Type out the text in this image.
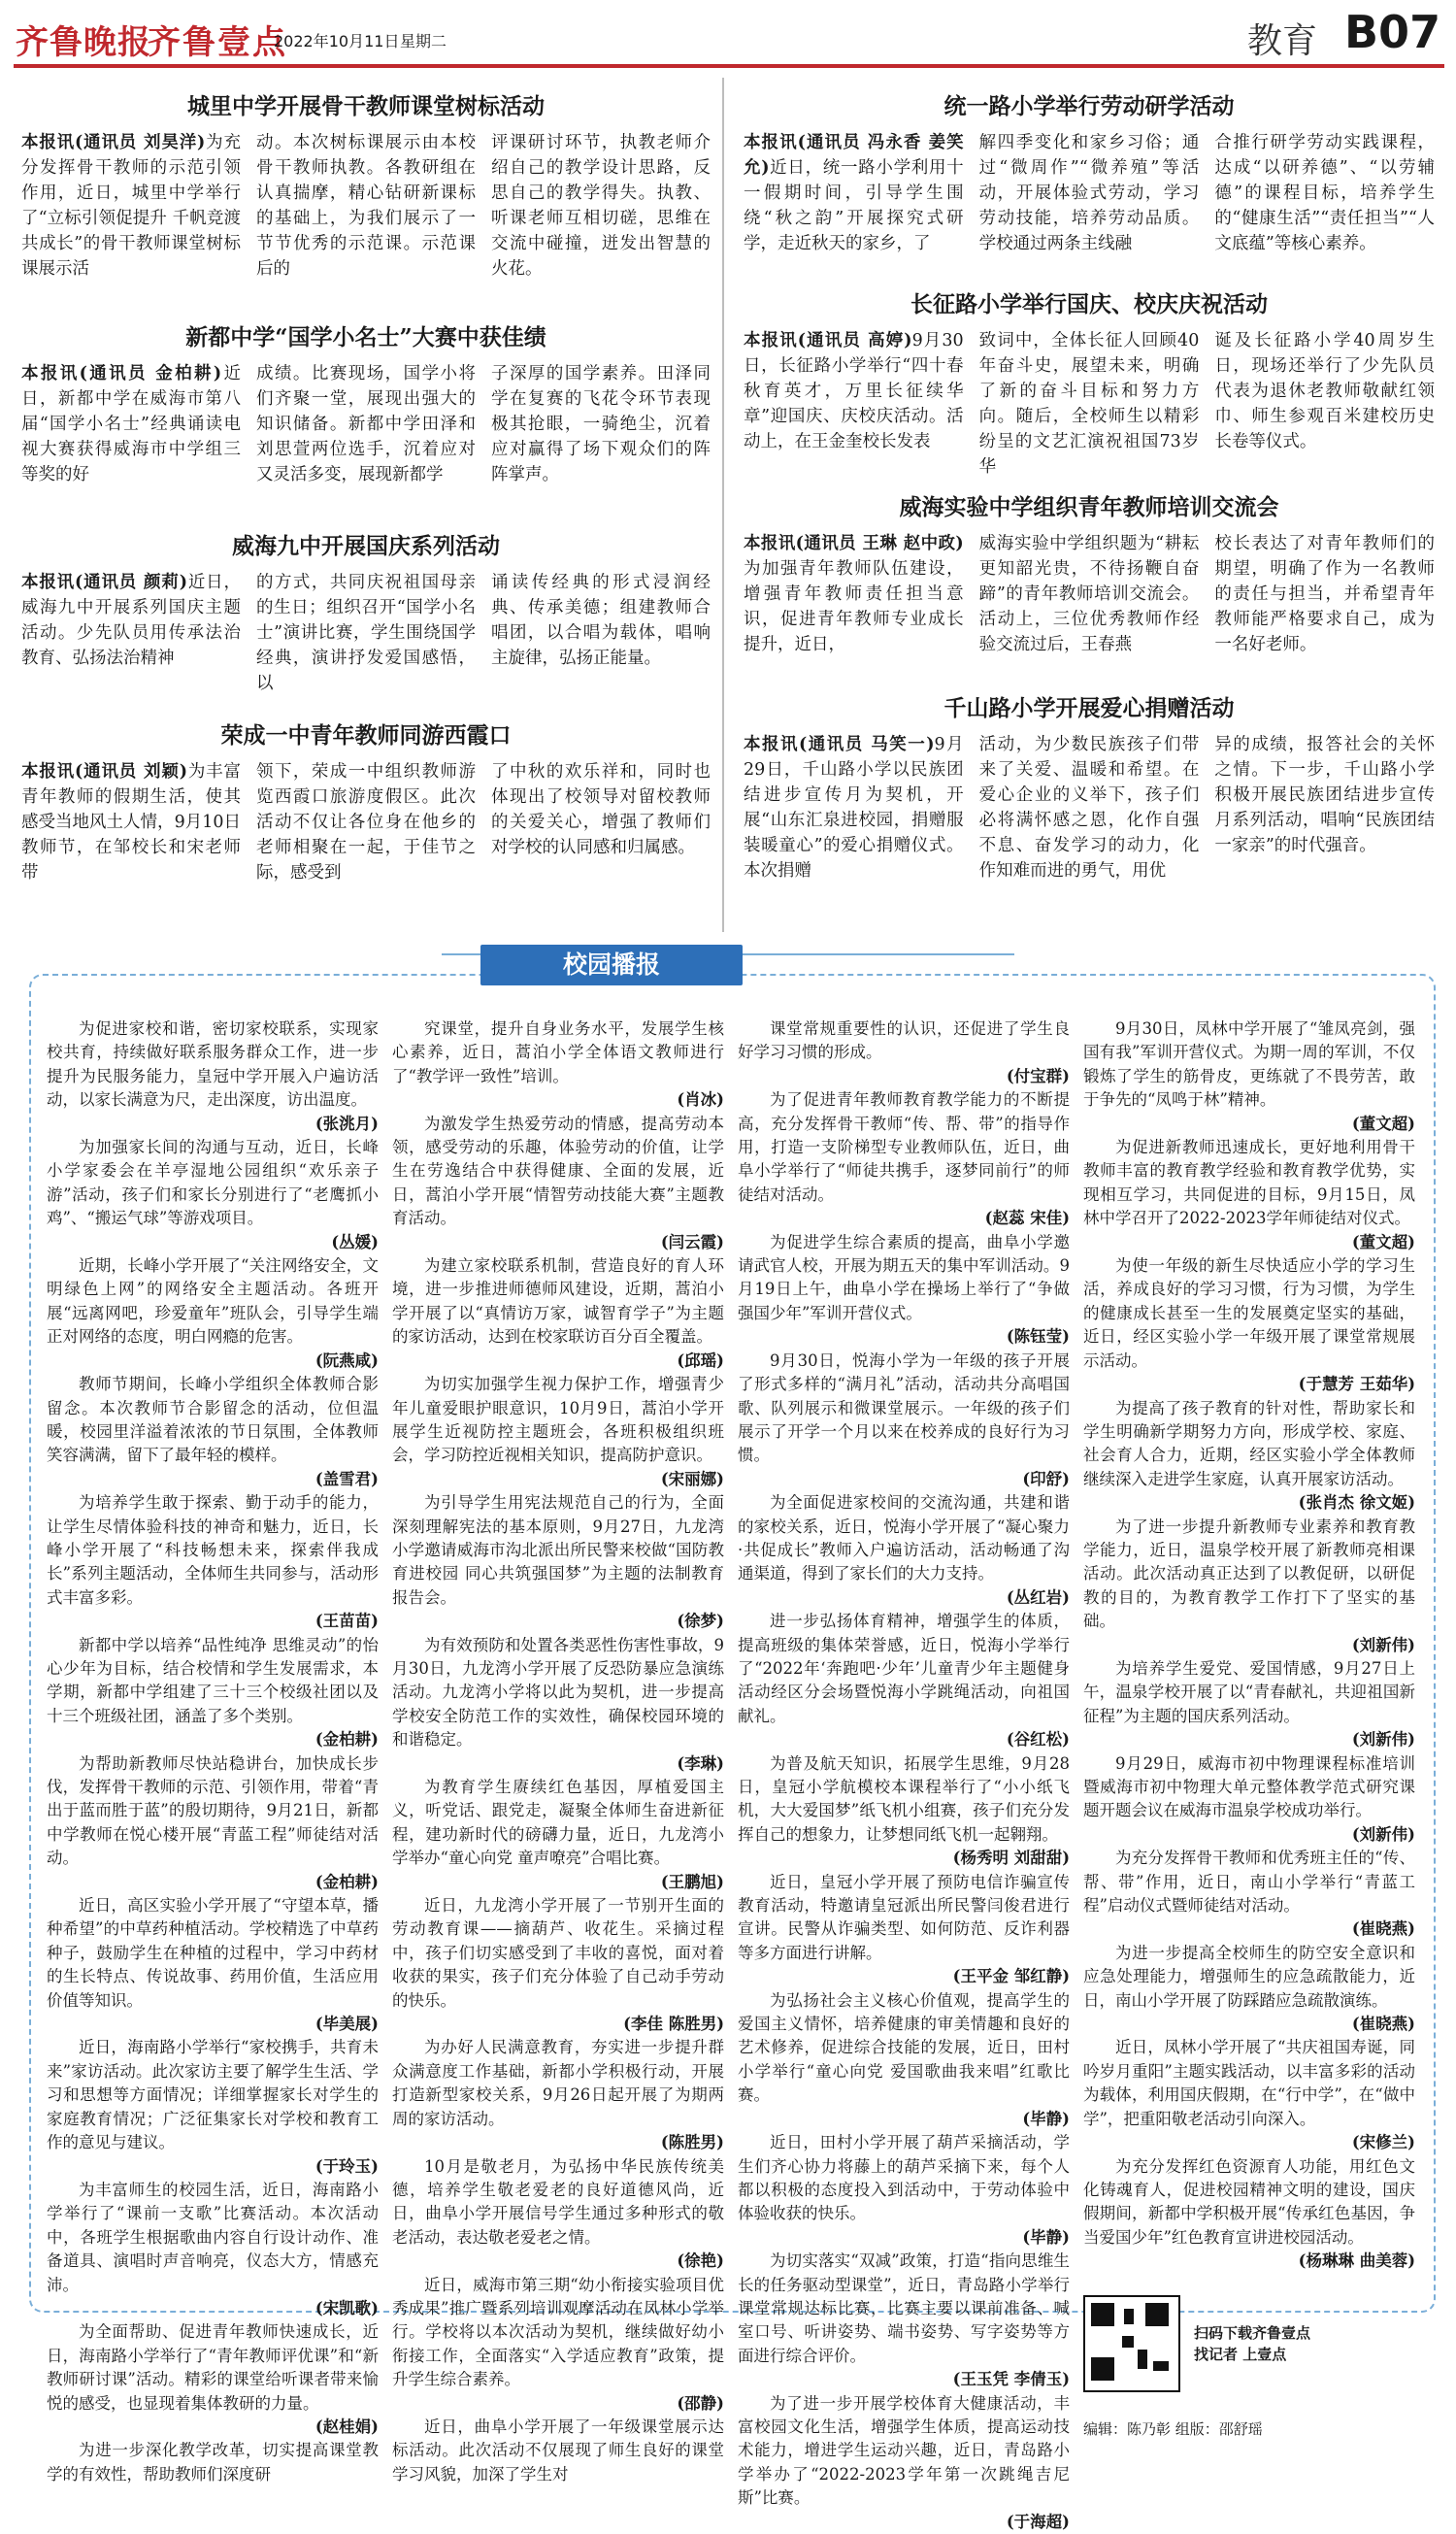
齐鲁晚报
齐鲁壹点
2022年10月11日 星期二	教育 B07
城里中学开展骨干教师课堂树标活动
本报讯(通讯员 刘昊洋)为充分发挥骨干教师的示范引领作用，近日，城里中学举行了“立标引领促提升 千帆竞渡共成长”的骨干教师课堂树标课展示活
动。本次树标课展示由本校骨干教师执教。各教研组在认真揣摩，精心钻研新课标的基础上，为我们展示了一节节优秀的示范课。示范课后的
评课研讨环节，执教老师介绍自己的教学设计思路，反思自己的教学得失。执教、听课老师互相切磋，思维在交流中碰撞，迸发出智慧的火花。
新都中学“国学小名士”大赛中获佳绩
本报讯(通讯员 金柏耕)近日，新都中学在威海市第八届“国学小名士”经典诵读电视大赛获得威海市中学组三等奖的好
成绩。比赛现场，国学小将们齐聚一堂，展现出强大的知识储备。新都中学田泽和刘思萱两位选手，沉着应对又灵活多变，展现新都学
子深厚的国学素养。田泽同学在复赛的飞花令环节表现极其抢眼，一骑绝尘，沉着应对赢得了场下观众们的阵阵掌声。
威海九中开展国庆系列活动
本报讯(通讯员 颜莉)近日，威海九中开展系列国庆主题活动。少先队员用传承法治教育、弘扬法治精神
的方式，共同庆祝祖国母亲的生日；组织召开“国学小名士”演讲比赛，学生围绕国学经典，演讲抒发爱国感悟，以
诵读传经典的形式浸润经典、传承美德；组建教师合唱团，以合唱为载体，唱响主旋律，弘扬正能量。
荣成一中青年教师同游西霞口
本报讯(通讯员 刘颖)为丰富青年教师的假期生活，使其感受当地风土人情，9月10日教师节，在邹校长和宋老师带
领下，荣成一中组织教师游览西霞口旅游度假区。此次活动不仅让各位身在他乡的老师相聚在一起，于佳节之际，感受到
了中秋的欢乐祥和，同时也体现出了校领导对留校教师的关爱关心，增强了教师们对学校的认同感和归属感。
统一路小学举行劳动研学活动
本报讯(通讯员 冯永香 姜笑允)近日，统一路小学利用十一假期时间，引导学生围绕“秋之韵”开展探究式研学，走近秋天的家乡，了
解四季变化和家乡习俗；通过“微周作”“微养殖”等活动，开展体验式劳动，学习劳动技能，培养劳动品质。学校通过两条主线融
合推行研学劳动实践课程，达成“以研养德”、“以劳辅德”的课程目标，培养学生的“健康生活”“责任担当”“人文底蕴”等核心素养。
长征路小学举行国庆、校庆庆祝活动
本报讯(通讯员 高婷)9月30日，长征路小学举行“四十春秋育英才，万里长征续华章”迎国庆、庆校庆活动。活动上，在王金奎校长发表
致词中，全体长征人回顾40年奋斗史，展望未来，明确了新的奋斗目标和努力方向。随后，全校师生以精彩纷呈的文艺汇演祝祖国73岁华
诞及长征路小学40周岁生日，现场还举行了少先队员代表为退休老教师敬献红领巾、师生参观百米建校历史长卷等仪式。
威海实验中学组织青年教师培训交流会
本报讯(通讯员 王琳 赵中政)为加强青年教师队伍建设，增强青年教师责任担当意识，促进青年教师专业成长提升，近日，
威海实验中学组织题为“耕耘更知韶光贵，不待扬鞭自奋蹄”的青年教师培训交流会。活动上，三位优秀教师作经验交流过后，王春燕
校长表达了对青年教师们的期望，明确了作为一名教师的责任与担当，并希望青年教师能严格要求自己，成为一名好老师。
千山路小学开展爱心捐赠活动
本报讯(通讯员 马笑一)9月29日，千山路小学以民族团结进步宣传月为契机，开展“山东汇泉进校园，捐赠服装暖童心”的爱心捐赠仪式。本次捐赠
活动，为少数民族孩子们带来了关爱、温暖和希望。在爱心企业的义举下，孩子们必将满怀感之恩，化作自强不息、奋发学习的动力，化作知难而进的勇气，用优
异的成绩，报答社会的关怀之情。下一步，千山路小学积极开展民族团结进步宣传月系列活动，唱响“民族团结一家亲”的时代强音。
校园播报

为促进家校和谐，密切家校联系，实现家校共育，持续做好联系服务群众工作，进一步提升为民服务能力，皇冠中学开展入户遍访活动，以家长满意为尺，走出深度，访出温度。

(张洮月)

为加强家长间的沟通与互动，近日，长峰小学家委会在羊亭湿地公园组织“欢乐亲子游”活动，孩子们和家长分别进行了“老鹰抓小鸡”、“搬运气球”等游戏项目。

(丛媛)

近期，长峰小学开展了“关注网络安全，文明绿色上网”的网络安全主题活动。各班开展“远离网吧，珍爱童年”班队会，引导学生端正对网络的态度，明白网瘾的危害。

(阮燕咸)

教师节期间，长峰小学组织全体教师合影留念。本次教师节合影留念的活动，位但温暖，校园里洋溢着浓浓的节日氛围，全体教师笑容满满，留下了最年轻的模样。

(盖雪君)

为培养学生敢于探索、勤于动手的能力，让学生尽情体验科技的神奇和魅力，近日，长峰小学开展了“科技畅想未来，探索伴我成长”系列主题活动，全体师生共同参与，活动形式丰富多彩。

(王苗苗)

新都中学以培养“品性纯净 思维灵动”的怡心少年为目标，结合校情和学生发展需求，本学期，新都中学组建了三十三个校级社团以及十三个班级社团，涵盖了多个类别。

(金柏耕)

为帮助新教师尽快站稳讲台，加快成长步伐，发挥骨干教师的示范、引领作用，带着“青出于蓝而胜于蓝”的殷切期待，9月21日，新都中学教师在悦心楼开展“青蓝工程”师徒结对活动。

(金柏耕)

近日，高区实验小学开展了“守望本草，播种希望”的中草药种植活动。学校精选了中草药种子，鼓励学生在种植的过程中，学习中药材的生长特点、传说故事、药用价值，生活应用价值等知识。

(毕美展)

近日，海南路小学举行“家校携手，共育未来”家访活动。此次家访主要了解学生生活、学习和思想等方面情况；详细掌握家长对学生的家庭教育情况；广泛征集家长对学校和教育工作的意见与建议。

(于玲玉)

为丰富师生的校园生活，近日，海南路小学举行了“课前一支歌”比赛活动。本次活动中，各班学生根据歌曲内容自行设计动作、准备道具、演唱时声音响亮，仪态大方，情感充沛。

(宋凯歌)

为全面帮助、促进青年教师快速成长，近日，海南路小学举行了“青年教师评优课”和“新教师研讨课”活动。精彩的课堂给听课者带来愉悦的感受，也显现着集体教研的力量。

(赵桂娟)

为进一步深化教学改革，切实提高课堂教学的有效性，帮助教师们深度研

究课堂，提升自身业务水平，发展学生核心素养，近日，蒿泊小学全体语文教师进行了“教学评一致性”培训。

(肖冰)

为激发学生热爱劳动的情感，提高劳动本领，感受劳动的乐趣，体验劳动的价值，让学生在劳逸结合中获得健康、全面的发展，近日，蒿泊小学开展“情智劳动技能大赛”主题教育活动。

(闫云霞)

为建立家校联系机制，营造良好的育人环境，进一步推进师德师风建设，近期，蒿泊小学开展了以“真情访万家，诚智育学子”为主题的家访活动，达到在校家联访百分百全覆盖。

(邱瑶)

为切实加强学生视力保护工作，增强青少年儿童爱眼护眼意识，10月9日，蒿泊小学开展学生近视防控主题班会，各班积极组织班会，学习防控近视相关知识，提高防护意识。

(宋丽娜)

为引导学生用宪法规范自己的行为，全面深刻理解宪法的基本原则，9月27日，九龙湾小学邀请威海市沟北派出所民警来校做“国防教育进校园 同心共筑强国梦”为主题的法制教育报告会。

(徐梦)

为有效预防和处置各类恶性伤害性事故，9月30日，九龙湾小学开展了反恐防暴应急演练活动。九龙湾小学将以此为契机，进一步提高学校安全防范工作的实效性，确保校园环境的和谐稳定。

(李琳)

为教育学生赓续红色基因，厚植爱国主义，听党话、跟党走，凝聚全体师生奋进新征程，建功新时代的磅礴力量，近日，九龙湾小学举办“童心向党 童声嘹亮”合唱比赛。

(王鹏旭)

近日，九龙湾小学开展了一节别开生面的劳动教育课——摘葫芦、收花生。采摘过程中，孩子们切实感受到了丰收的喜悦，面对着收获的果实，孩子们充分体验了自己动手劳动的快乐。

(李佳 陈胜男)

为办好人民满意教育，夯实进一步提升群众满意度工作基础，新都小学积极行动，开展打造新型家校关系，9月26日起开展了为期两周的家访活动。

(陈胜男)

10月是敬老月，为弘扬中华民族传统美德，培养学生敬老爱老的良好道德风尚，近日，曲阜小学开展信号学生通过多种形式的敬老活动，表达敬老爱老之情。

(徐艳)

近日，威海市第三期“幼小衔接实验项目优秀成果”推广暨系列培训观摩活动在凤林小学举行。学校将以本次活动为契机，继续做好幼小衔接工作，全面落实“入学适应教育”政策，提升学生综合素养。

(邵静)

近日，曲阜小学开展了一年级课堂展示达标活动。此次活动不仅展现了师生良好的课堂学习风貌，加深了学生对

课堂常规重要性的认识，还促进了学生良好学习习惯的形成。

(付宝群)

为了促进青年教师教育教学能力的不断提高，充分发挥骨干教师“传、帮、带”的指导作用，打造一支阶梯型专业教师队伍，近日，曲阜小学举行了“师徒共携手，逐梦同前行”的师徒结对活动。

(赵蕊 宋佳)

为促进学生综合素质的提高，曲阜小学邀请武官人校，开展为期五天的集中军训活动。9月19日上午，曲阜小学在操场上举行了“争做强国少年”军训开营仪式。

(陈钰莹)

9月30日，悦海小学为一年级的孩子开展了形式多样的“满月礼”活动，活动共分高唱国歌、队列展示和微课堂展示。一年级的孩子们展示了开学一个月以来在校养成的良好行为习惯。

(印舒)

为全面促进家校间的交流沟通，共建和谐的家校关系，近日，悦海小学开展了“凝心聚力·共促成长”教师入户遍访活动，活动畅通了沟通渠道，得到了家长们的大力支持。

(丛红岩)

进一步弘扬体育精神，增强学生的体质，提高班级的集体荣誉感，近日，悦海小学举行了“2022年‘奔跑吧·少年’儿童青少年主题健身活动经区分会场暨悦海小学跳绳活动，向祖国献礼。

(谷红松)

为普及航天知识，拓展学生思维，9月28日，皇冠小学航模校本课程举行了“小小纸飞机，大大爱国梦”纸飞机小组赛，孩子们充分发挥自己的想象力，让梦想同纸飞机一起翱翔。

(杨秀明 刘甜甜)

近日，皇冠小学开展了预防电信诈骗宣传教育活动，特邀请皇冠派出所民警闫俊君进行宣讲。民警从诈骗类型、如何防范、反诈利器等多方面进行讲解。

(王平金 邹红静)

为弘扬社会主义核心价值观，提高学生的爱国主义情怀，培养健康的审美情趣和良好的艺术修养，促进综合技能的发展，近日，田村小学举行“童心向党 爱国歌曲我来唱”红歌比赛。

(毕静)

近日，田村小学开展了葫芦采摘活动，学生们齐心协力将藤上的葫芦采摘下来，每个人都以积极的态度投入到活动中，于劳动体验中体验收获的快乐。

(毕静)

为切实落实“双减”政策，打造“指向思维生长的任务驱动型课堂”，近日，青岛路小学举行课堂常规达标比赛，比赛主要以课前准备、喊室口号、听讲姿势、端书姿势、写字姿势等方面进行综合评价。

(王玉凭 李倩玉)

为了进一步开展学校体育大健康活动，丰富校园文化生活，增强学生体质，提高运动技术能力，增进学生运动兴趣，近日，青岛路小学举办了“2022-2023学年第一次跳绳吉尼斯”比赛。

(于海超)

9月30日，凤林中学开展了“雏凤亮剑，强国有我”军训开营仪式。为期一周的军训，不仅锻炼了学生的筋骨皮，更练就了不畏劳苦，敢于争先的“凤鸣于林”精神。

(董文超)

为促进新教师迅速成长，更好地利用骨干教师丰富的教育教学经验和教育教学优势，实现相互学习，共同促进的目标，9月15日，凤林中学召开了2022-2023学年师徒结对仪式。

(董文超)

为使一年级的新生尽快适应小学的学习生活，养成良好的学习习惯，行为习惯，为学生的健康成长甚至一生的发展奠定坚实的基础，近日，经区实验小学一年级开展了课堂常规展示活动。

(于慧芳 王茹华)

为提高了孩子教育的针对性，帮助家长和学生明确新学期努力方向，形成学校、家庭、社会育人合力，近期，经区实验小学全体教师继续深入走进学生家庭，认真开展家访活动。

(张肖杰 徐文姬)

为了进一步提升新教师专业素养和教育教学能力，近日，温泉学校开展了新教师亮相课活动。此次活动真正达到了以教促研，以研促教的目的，为教育教学工作打下了坚实的基础。

(刘新伟)

为培养学生爱党、爱国情感，9月27日上午，温泉学校开展了以“青春献礼，共迎祖国新征程”为主题的国庆系列活动。

(刘新伟)

9月29日，威海市初中物理课程标准培训暨威海市初中物理大单元整体教学范式研究课题开题会议在威海市温泉学校成功举行。

(刘新伟)

为充分发挥骨干教师和优秀班主任的“传、帮、带”作用，近日，南山小学举行“青蓝工程”启动仪式暨师徒结对活动。

(崔晓燕)

为进一步提高全校师生的防空安全意识和应急处理能力，增强师生的应急疏散能力，近日，南山小学开展了防踩踏应急疏散演练。

(崔晓燕)

近日，凤林小学开展了“共庆祖国寿诞，同吟岁月重阳”主题实践活动，以丰富多彩的活动为载体，利用国庆假期，在“行中学”，在“做中学”，把重阳敬老活动引向深入。

(宋修兰)

为充分发挥红色资源育人功能，用红色文化铸魂育人，促进校园精神文明的建设，国庆假期间，新都中学积极开展“传承红色基因，争当爱国少年”红色教育宣讲进校园活动。

(杨琳琳 曲美蓉)

扫码下载齐鲁壹点
找记者 上壹点
编辑：陈乃彰 组版：邵舒瑶
